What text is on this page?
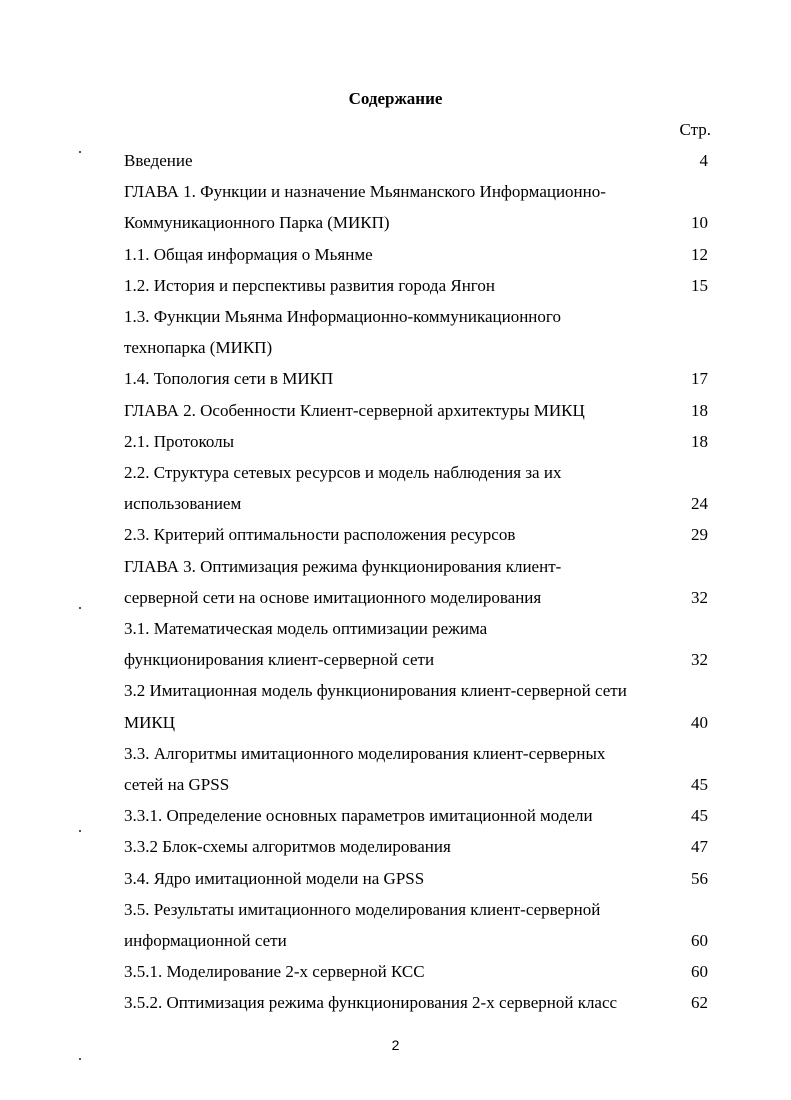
Содержание
Стр.
Введение	4
ГЛАВА 1. Функции и назначение Мьянманского Информационно-
Коммуникационного Парка (МИКП)	10
1.1. Общая информация о Мьянме	12
1.2. История и перспективы развития города Янгон	15
1.3. Функции Мьянма Информационно-коммуникационного
технопарка (МИКП)
1.4. Топология сети в МИКП	17
ГЛАВА 2. Особенности Клиент-серверной архитектуры МИКЦ	18
2.1. Протоколы	18
2.2. Структура сетевых ресурсов и модель наблюдения за их
использованием	24
2.3. Критерий оптимальности расположения ресурсов	29
ГЛАВА 3. Оптимизация режима функционирования клиент-
серверной сети на основе имитационного моделирования	32
3.1. Математическая модель оптимизации режима
функционирования клиент-серверной сети	32
3.2 Имитационная модель функционирования клиент-серверной сети
МИКЦ	40
3.3. Алгоритмы имитационного моделирования клиент-серверных
сетей на GPSS	45
3.3.1. Определение основных параметров имитационной модели	45
3.3.2 Блок-схемы алгоритмов моделирования	47
3.4. Ядро имитационной модели на GPSS	56
3.5. Результаты имитационного моделирования клиент-серверной
информационной сети	60
3.5.1. Моделирование 2-х серверной КСС	60
3.5.2. Оптимизация режима функционирования 2-х серверной класс	62
2
